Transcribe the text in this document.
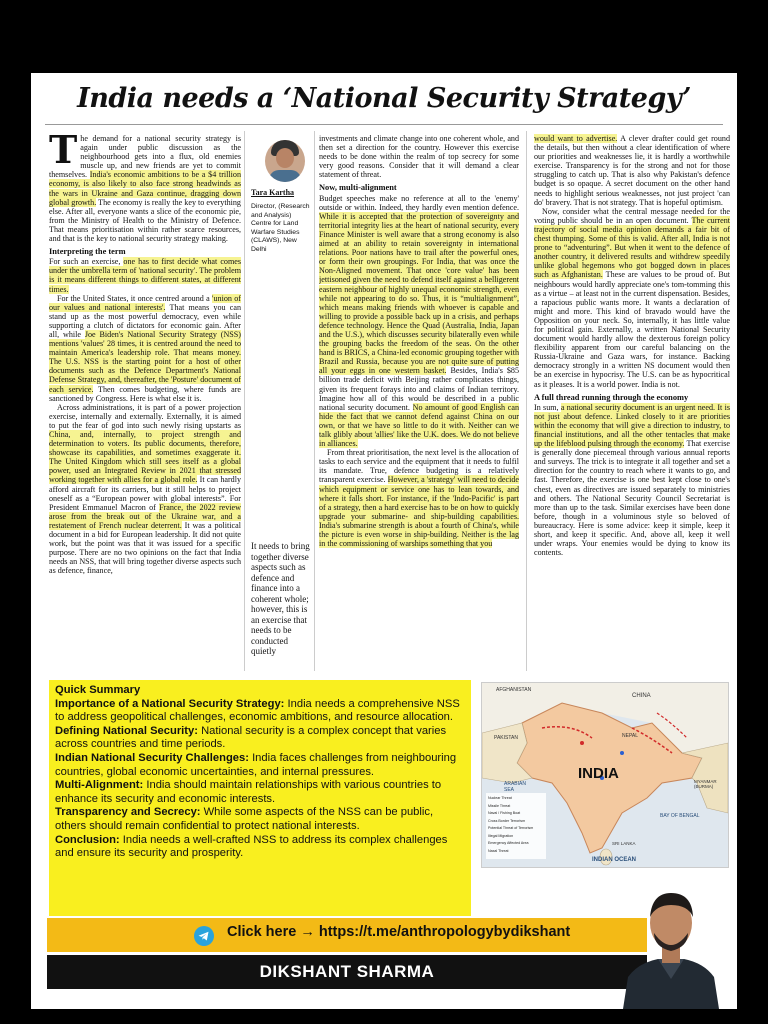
India needs a ‘National Security Strategy’

The demand for a national security strategy is again under public discussion as the neighbourhood gets into a flux, old enemies muscle up, and new friends are yet to commit themselves. India's economic ambitions to be a $4 trillion economy, is also likely to also face strong headwinds as the wars in Ukraine and Gaza continue, dragging down global growth. The economy is really the key to everything else. After all, everyone wants a slice of the economic pie, from the Ministry of Health to the Ministry of Defence. That means prioritisation within rather scarce resources, and that is the key to national security strategy making.

Interpreting the term

For such an exercise, one has to first decide what comes under the umbrella term of 'national security'. The problem is it means different things to different states, at different times.

For the United States, it once centred around a 'union of our values and national interests'. That means you can stand up as the most powerful democracy, even while supporting a clutch of dictators for economic gain. After all, while Joe Biden's National Security Strategy (NSS) mentions 'values' 28 times, it is centred around the need to maintain America's leadership role. That means money. The U.S. NSS is the starting point for a host of other documents such as the Defence Department's National Defense Strategy, and, thereafter, the 'Posture' document of each service. Then comes budgeting, where funds are sanctioned by Congress. Here is what else it is.

Across administrations, it is part of a power projection exercise, internally and externally. Externally, it is aimed to put the fear of god into such newly rising upstarts as China, and, internally, to project strength and determination to voters. Its public documents, therefore, showcase its capabilities, and sometimes exaggerate it. The United Kingdom which still sees itself as a global power, used an Integrated Review in 2021 that stressed working together with allies for a global role. It can hardly afford aircraft for its carriers, but it still helps to project oneself as a “European power with global interests”. For President Emmanuel Macron of France, the 2022 review arose from the break out of the Ukraine war, and a restatement of French nuclear deterrent. It was a political document in a bid for European leadership. It did not quite work, but the point was that it was issued for a specific purpose. There are no two opinions on the fact that India needs an NSS, that will bring together diverse aspects such as defence, finance,

Tara Kartha
Director, (Research and Analysis) Centre for Land Warfare Studies (CLAWS), New Delhi
It needs to bring together diverse aspects such as defence and finance into a coherent whole; however, this is an exercise that needs to be conducted quietly

investments and climate change into one coherent whole, and then set a direction for the country. However this exercise needs to be done within the realm of top secrecy for some very good reasons. Consider that it will demand a clear statement of threat.

Now, multi-alignment

Budget speeches make no reference at all to the 'enemy' outside or within. Indeed, they hardly even mention defence. While it is accepted that the protection of sovereignty and territorial integrity lies at the heart of national security, every Finance Minister is well aware that a strong economy is also aimed at an ability to retain sovereignty in international relations. Poor nations have to trail after the powerful ones, or form their own groupings. For India, that was once the Non-Aligned movement. That once 'core value' has been jettisoned given the need to defend itself against a belligerent eastern neighbour of highly unequal economic strength, even while not appearing to do so. Thus, it is “multialignment”, which means making friends with whoever is capable and willing to provide a possible back up in a crisis, and perhaps defence technology. Hence the Quad (Australia, India, Japan and the U.S.), which discusses security bilaterally even while the grouping backs the freedom of the seas. On the other hand is BRICS, a China-led economic grouping together with Brazil and Russia, because you are not quite sure of putting all your eggs in one western basket. Besides, India's $85 billion trade deficit with Beijing rather complicates things, given its frequent forays into and claims of Indian territory. Imagine how all of this would be described in a public national security document. No amount of good English can hide the fact that we cannot defend against China on our own, or that we have so little to do it with. Neither can we talk glibly about 'allies' like the U.K. does. We do not believe in alliances.

From threat prioritisation, the next level is the allocation of tasks to each service and the equipment that it needs to fulfil its mandate. True, defence budgeting is a relatively transparent exercise. However, a 'strategy' will need to decide which equipment or service one has to lean towards, and where it falls short. For instance, if the 'Indo-Pacific' is part of a strategy, then a hard exercise has to be on how to quickly upgrade your submarine- and ship-building capabilities. India's submarine strength is about a fourth of China's, while the picture is even worse in ship-building. Neither is the lag in the commissioning of warships something that you

would want to advertise. A clever drafter could get round the details, but then without a clear identification of where our priorities and weaknesses lie, it is hardly a worthwhile exercise. Transparency is for the strong and not for those struggling to catch up. That is also why Pakistan's defence budget is so opaque. A secret document on the other hand needs to highlight serious weaknesses, not just project 'can do' bravery. That is not strategy. That is hopeful optimism.

Now, consider what the central message needed for the voting public should be in an open document. The current trajectory of social media opinion demands a fair bit of chest thumping. Some of this is valid. After all, India is not prone to “adventuring”. But when it went to the defence of another country, it delivered results and withdrew speedily unlike global hegemons who got bogged down in places such as Afghanistan. These are values to be proud of. But neighbours would hardly appreciate one's tom-tomming this as a virtue – at least not in the current dispensation. Besides, a rapacious public wants more. It wants a declaration of might and more. This kind of bravado would have the Opposition on your neck. So, internally, it has little value for political gain. Externally, a written National Security document would hardly allow the dexterous foreign policy flexibility apparent from our careful balancing on the Russia-Ukraine and Gaza wars, for instance. Backing democracy strongly in a written NS document would then be an exercise in hypocrisy. The U.S. can be as hypocritical as it pleases. It is a world power. India is not.

A full thread running through the economy

In sum, a national security document is an urgent need. It is not just about defence. Linked closely to it are priorities within the economy that will give a direction to industry, to financial institutions, and all the other tentacles that make up the lifeblood pulsing through the economy. That exercise is generally done piecemeal through various annual reports and surveys. The trick is to integrate it all together and set a direction for the country to reach where it wants to go, and fast. Therefore, the exercise is one best kept close to one's chest, even as directives are issued separately to ministries and others. The National Security Council Secretariat is more than up to the task. Similar exercises have been done before, though in a voluminous style so beloved of bureaucracy. Here is some advice: keep it simple, keep it short, and keep it specific. And, above all, keep it well under wraps. Your enemies would be dying to know its contents.

Quick Summary
Importance of a National Security Strategy: India needs a comprehensive NSS to address geopolitical challenges, economic ambitions, and resource allocation.
Defining National Security: National security is a complex concept that varies across countries and time periods.
Indian National Security Challenges: India faces challenges from neighbouring countries, global economic uncertainties, and internal pressures.
Multi-Alignment: India should maintain relationships with various countries to enhance its security and economic interests.
Transparency and Secrecy: While some aspects of the NSS can be public, others should remain confidential to protect national interests.
Conclusion: India needs a well-crafted NSS to address its complex challenges and ensure its security and prosperity.
INDIA
CHINA
AFGHANISTAN
PAKISTAN	NEPAL
ARABIAN SEA
BAY OF BENGAL
MYANMAR (BURMA)
SRI LANKA
INDIAN OCEAN
Nuclear Threat
Missile Threat
Naval / Fishing Boat
Cross Border Terrorism
Potential Threat of Terrorism
Illegal Migration
Emergency Affected Area
Naxal Threat
Click here → https://t.me/anthropologybydikshant
DIKSHANT SHARMA
